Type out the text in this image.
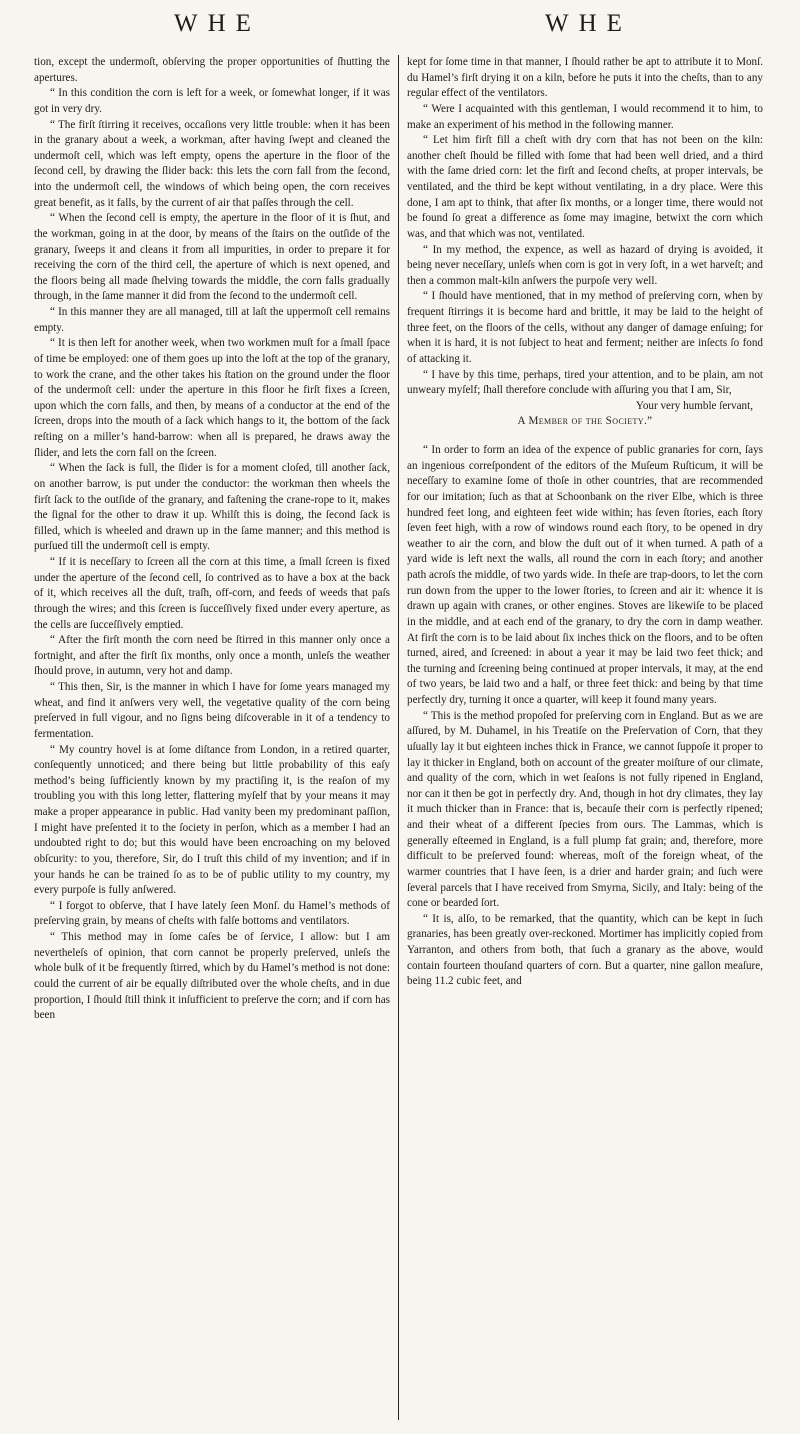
WHE	WHE

tion, except the undermoſt, obſerving the proper opportunities of ſhutting the apertures.

“ In this condition the corn is left for a week, or ſomewhat longer, if it was got in very dry.

“ The firſt ſtirring it receives, occaſions very little trouble: when it has been in the granary about a week, a workman, after having ſwept and cleaned the undermoſt cell, which was left empty, opens the aperture in the floor of the ſecond cell, by drawing the ſlider back: this lets the corn fall from the ſecond, into the undermoſt cell, the windows of which being open, the corn receives great benefit, as it falls, by the current of air that paſſes through the cell.

“ When the ſecond cell is empty, the aperture in the floor of it is ſhut, and the workman, going in at the door, by means of the ſtairs on the outſide of the granary, ſweeps it and cleans it from all impurities, in order to prepare it for receiving the corn of the third cell, the aperture of which is next opened, and the floors being all made ſhelving towards the middle, the corn falls gradually through, in the ſame manner it did from the ſecond to the undermoſt cell.

“ In this manner they are all managed, till at laſt the uppermoſt cell remains empty.

“ It is then left for another week, when two workmen muſt for a ſmall ſpace of time be employed: one of them goes up into the loft at the top of the granary, to work the crane, and the other takes his ſtation on the ground under the floor of the undermoſt cell: under the aperture in this floor he firſt fixes a ſcreen, upon which the corn falls, and then, by means of a conductor at the end of the ſcreen, drops into the mouth of a ſack which hangs to it, the bottom of the ſack reſting on a miller’s hand-barrow: when all is prepared, he draws away the ſlider, and lets the corn fall on the ſcreen.

“ When the ſack is full, the ſlider is for a moment cloſed, till another ſack, on another barrow, is put under the conductor: the workman then wheels the firſt ſack to the outſide of the granary, and faſtening the crane-rope to it, makes the ſignal for the other to draw it up. Whilſt this is doing, the ſecond ſack is filled, which is wheeled and drawn up in the ſame manner; and this method is purſued till the undermoſt cell is empty.

“ If it is neceſſary to ſcreen all the corn at this time, a ſmall ſcreen is fixed under the aperture of the ſecond cell, ſo contrived as to have a box at the back of it, which receives all the duſt, traſh, off-corn, and feeds of weeds that paſs through the wires; and this ſcreen is ſucceſſively fixed under every aperture, as the cells are ſucceſſively emptied.

“ After the firſt month the corn need be ſtirred in this manner only once a fortnight, and after the firſt ſix months, only once a month, unleſs the weather ſhould prove, in autumn, very hot and damp.

“ This then, Sir, is the manner in which I have for ſome years managed my wheat, and find it anſwers very well, the vegetative quality of the corn being preſerved in full vigour, and no ſigns being diſcoverable in it of a tendency to fermentation.

“ My country hovel is at ſome diſtance from London, in a retired quarter, conſequently unnoticed; and there being but little probability of this eaſy method’s being ſufficiently known by my practiſing it, is the reaſon of my troubling you with this long letter, flattering myſelf that by your means it may make a proper appearance in public. Had vanity been my predominant paſſion, I might have preſented it to the ſociety in perſon, which as a member I had an undoubted right to do; but this would have been encroaching on my beloved obſcurity: to you, therefore, Sir, do I truſt this child of my invention; and if in your hands he can be trained ſo as to be of public utility to my country, my every purpoſe is fully anſwered.

“ I forgot to obſerve, that I have lately ſeen Monſ. du Hamel’s methods of preſerving grain, by means of cheſts with falſe bottoms and ventilators.

“ This method may in ſome caſes be of ſervice, I allow: but I am nevertheleſs of opinion, that corn cannot be properly preſerved, unleſs the whole bulk of it be frequently ſtirred, which by du Hamel’s method is not done: could the current of air be equally diſtributed over the whole cheſts, and in due proportion, I ſhould ſtill think it inſufficient to preſerve the corn; and if corn has been

kept for ſome time in that manner, I ſhould rather be apt to attribute it to Monſ. du Hamel’s firſt drying it on a kiln, before he puts it into the cheſts, than to any regular effect of the ventilators.

“ Were I acquainted with this gentleman, I would recommend it to him, to make an experiment of his method in the following manner.

“ Let him firſt fill a cheſt with dry corn that has not been on the kiln: another cheſt ſhould be filled with ſome that had been well dried, and a third with the ſame dried corn: let the firſt and ſecond cheſts, at proper intervals, be ventilated, and the third be kept without ventilating, in a dry place. Were this done, I am apt to think, that after ſix months, or a longer time, there would not be found ſo great a difference as ſome may imagine, betwixt the corn which was, and that which was not, ventilated.

“ In my method, the expence, as well as hazard of drying is avoided, it being never neceſſary, unleſs when corn is got in very ſoft, in a wet harveſt; and then a common malt-kiln anſwers the purpoſe very well.

“ I ſhould have mentioned, that in my method of preſerving corn, when by frequent ſtirrings it is become hard and brittle, it may be laid to the height of three feet, on the floors of the cells, without any danger of damage enſuing; for when it is hard, it is not ſubject to heat and ferment; neither are inſects ſo fond of attacking it.

“ I have by this time, perhaps, tired your attention, and to be plain, am not unweary myſelf; ſhall therefore conclude with aſſuring you that I am, Sir,

Your very humble ſervant,

A Member of the Society.”

“ In order to form an idea of the expence of public granaries for corn, ſays an ingenious correſpondent of the editors of the Muſeum Ruſticum, it will be neceſſary to examine ſome of thoſe in other countries, that are recommended for our imitation; ſuch as that at Schoonbank on the river Elbe, which is three hundred feet long, and eighteen feet wide within; has ſeven ſtories, each ſtory ſeven feet high, with a row of windows round each ſtory, to be opened in dry weather to air the corn, and blow the duſt out of it when turned. A path of a yard wide is left next the walls, all round the corn in each ſtory; and another path acroſs the middle, of two yards wide. In theſe are trap-doors, to let the corn run down from the upper to the lower ſtories, to ſcreen and air it: whence it is drawn up again with cranes, or other engines. Stoves are likewiſe to be placed in the middle, and at each end of the granary, to dry the corn in damp weather. At firſt the corn is to be laid about ſix inches thick on the floors, and to be often turned, aired, and ſcreened: in about a year it may be laid two feet thick; and the turning and ſcreening being continued at proper intervals, it may, at the end of two years, be laid two and a half, or three feet thick: and being by that time perfectly dry, turning it once a quarter, will keep it found many years.

“ This is the method propoſed for preſerving corn in England. But as we are aſſured, by M. Duhamel, in his Treatiſe on the Preſervation of Corn, that they uſually lay it but eighteen inches thick in France, we cannot ſuppoſe it proper to lay it thicker in England, both on account of the greater moiſture of our climate, and quality of the corn, which in wet ſeaſons is not fully ripened in England, nor can it then be got in perfectly dry. And, though in hot dry climates, they lay it much thicker than in France: that is, becauſe their corn is perfectly ripened; and their wheat of a different ſpecies from ours. The Lammas, which is generally eſteemed in England, is a full plump fat grain; and, therefore, more difficult to be preſerved found: whereas, moſt of the foreign wheat, of the warmer countries that I have ſeen, is a drier and harder grain; and ſuch were ſeveral parcels that I have received from Smyrna, Sicily, and Italy: being of the cone or bearded ſort.

“ It is, alſo, to be remarked, that the quantity, which can be kept in ſuch granaries, has been greatly over-reckoned. Mortimer has implicitly copied from Yarranton, and others from both, that ſuch a granary as the above, would contain fourteen thouſand quarters of corn. But a quarter, nine gallon meaſure, being 11.2 cubic feet, and
